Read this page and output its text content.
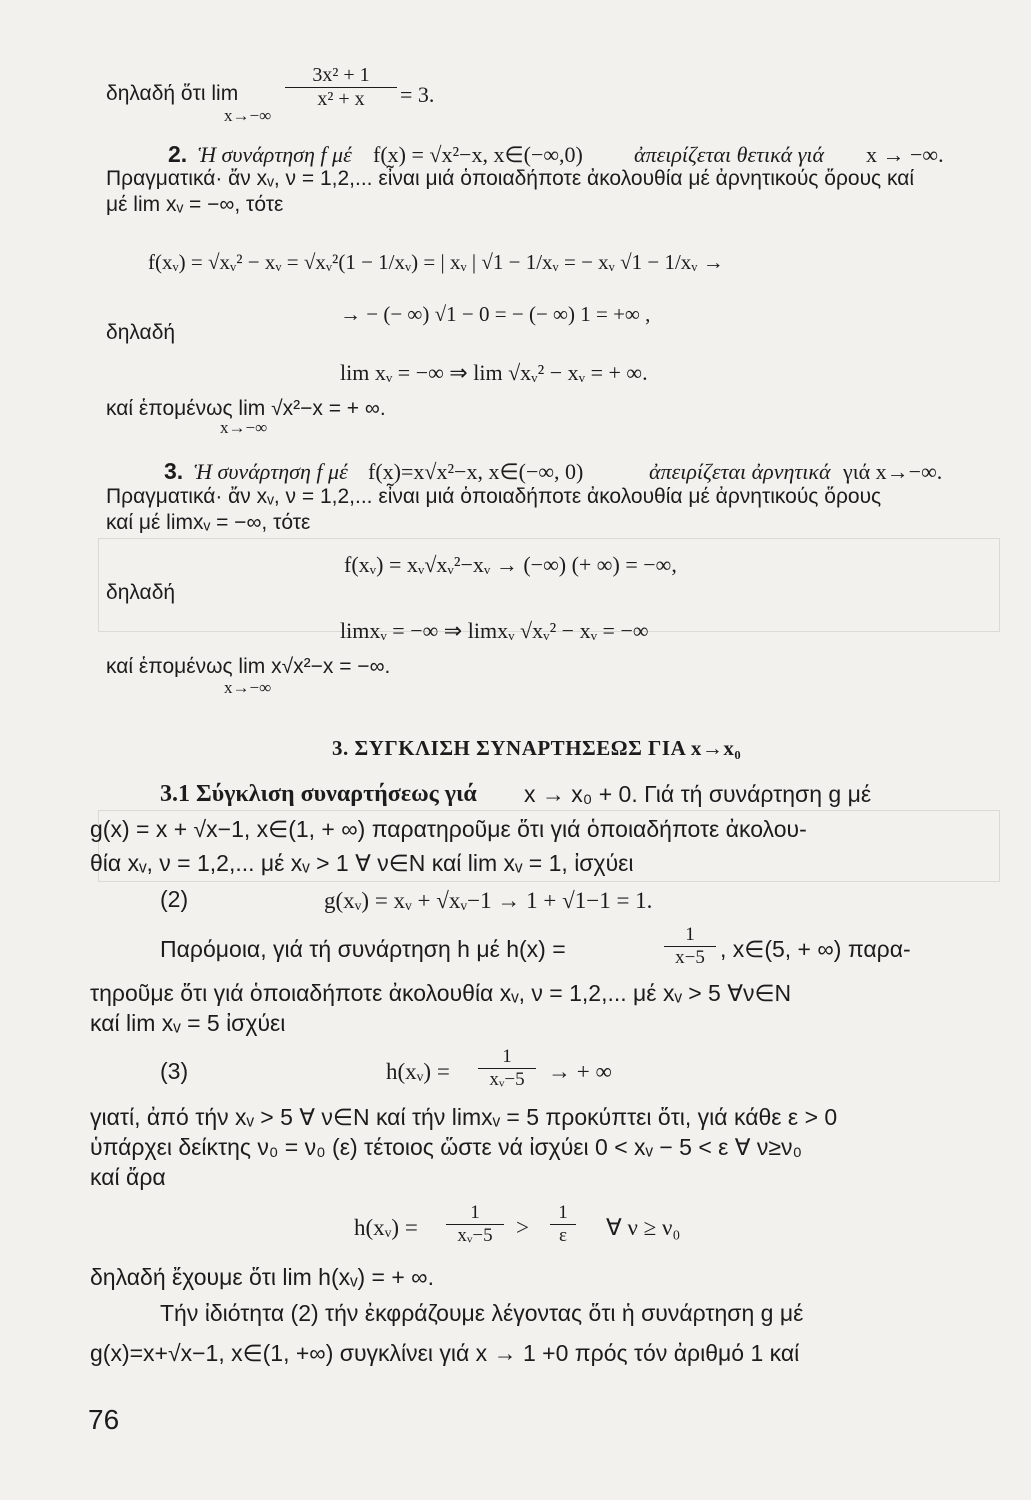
δηλαδή ὅτι $\lim \frac{\text{3x² + 1}}{\text{x² + x}} = 3$.
x→−∞
2. Ἡ συνάρτηση f μέ f(x) = √x²−x, x∈(−∞,0) ἀπειρίζεται θετικά γιά x → −∞.
Πραγματικά· ἄν xᵥ, ν = 1,2,... εἶναι μιά ὁποιαδήποτε ἀκολουθία μέ ἀρνητικούς ὅρους καί
μέ lim xᵥ = −∞, τότε
f(xᵥ) = √xᵥ² − xᵥ = √xᵥ²(1 − 1/xᵥ) = | xᵥ | √1 − 1/xᵥ = − xᵥ √1 − 1/xᵥ →
→ − (− ∞) √1 − 0 = − (− ∞) 1 = +∞ ,
δηλαδή
lim xᵥ = −∞ ⇒ lim √xᵥ² − xᵥ = + ∞.
καί ἑπομένως lim √x²−x = + ∞.
x→−∞
3. Ἡ συνάρτηση f μέ f(x)=x√x²−x, x∈(−∞, 0)	ἀπειρίζεται ἀρνητικά γιά x→−∞.
Πραγματικά· ἄν xᵥ, ν = 1,2,... εἶναι μιά ὁποιαδήποτε ἀκολουθία μέ ἀρνητικούς ὅρους
καί μέ limxᵥ = −∞, τότε
f(xᵥ) = xᵥ√xᵥ²−xᵥ → (−∞) (+ ∞) = −∞,
δηλαδή
limxᵥ = −∞ ⇒ limxᵥ √xᵥ² − xᵥ = −∞
καί ἑπομένως lim x√x²−x = −∞.
x→−∞
3. ΣΥΓΚΛΙΣΗ ΣΥΝΑΡΤΗΣΕΩΣ ΓΙΑ x→x₀
3.1 Σύγκλιση συναρτήσεως γιά x → x₀ + 0. Γιά τή συνάρτηση g μέ
g(x) = x + √x−1, x∈(1, + ∞) παρατηροῦμε ὅτι γιά ὁποιαδήποτε ἀκολου-
θία xᵥ, ν = 1,2,... μέ xᵥ > 1 ∀ ν∈N καί lim xᵥ = 1, ἰσχύει
(2)	g(xᵥ) = xᵥ + √xᵥ−1 → 1 + √1−1 = 1.
Παρόμοια, γιά τή συνάρτηση h μέ h(x) =	$\frac{1}{x-5}$ , x∈(5, + ∞) παρα-
τηροῦμε ὅτι γιά ὁποιαδήποτε ἀκολουθία xᵥ, ν = 1,2,... μέ xᵥ > 5 ∀ν∈N
καί lim xᵥ = 5 ἰσχύει
(3)	h(xᵥ) = $\frac{1}{\text{xᵥ−5}}$ → + ∞
γιατί, ἀπό τήν xᵥ > 5 ∀ ν∈N καί τήν limxᵥ = 5 προκύπτει ὅτι, γιά κάθε ε > 0
ὑπάρχει δείκτης ν₀ = ν₀ (ε) τέτοιος ὥστε νά ἰσχύει 0 < xᵥ − 5 < ε ∀ ν≥ν₀
καί ἄρα
h(xᵥ) = $\frac{1}{\text{xᵥ−5}} > \frac{1}{\varepsilon}$ ∀ ν ≥ ν₀
δηλαδή ἔχουμε ὅτι lim h(xᵥ) = + ∞.
Τήν ἰδιότητα (2) τήν ἐκφράζουμε λέγοντας ὅτι ἡ συνάρτηση g μέ
g(x)=x+√x−1, x∈(1, +∞) συγκλίνει γιά x → 1 +0 πρός τόν ἀριθμό 1 καί
76
